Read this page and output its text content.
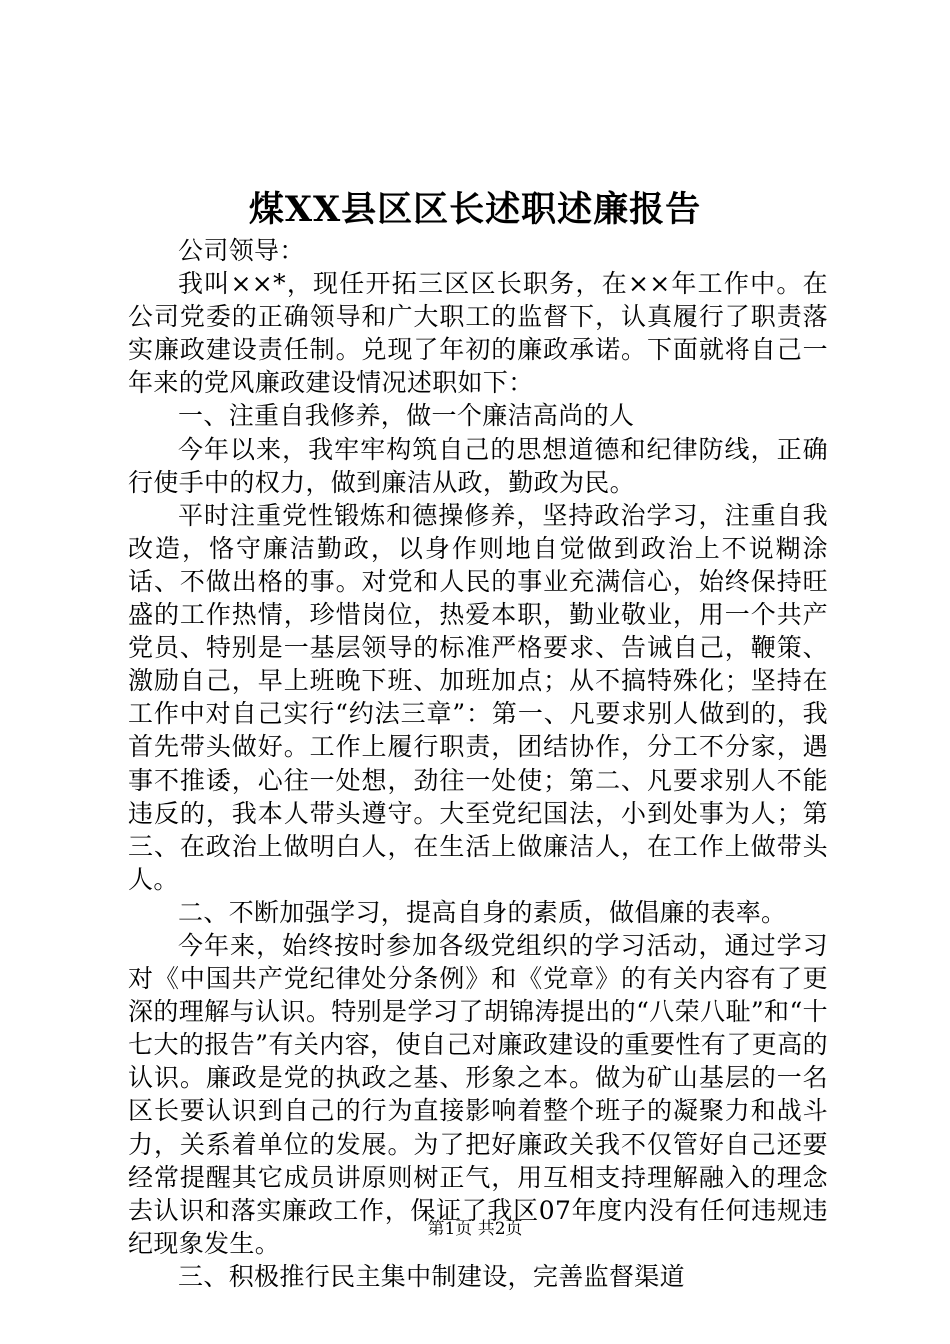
煤XX县区区长述职述廉报告

公司领导：

我叫××*，现任开拓三区区长职务，在××年工作中。在公司党委的正确领导和广大职工的监督下，认真履行了职责落实廉政建设责任制。兑现了年初的廉政承诺。下面就将自己一年来的党风廉政建设情况述职如下：

一、注重自我修养，做一个廉洁高尚的人

今年以来，我牢牢构筑自己的思想道德和纪律防线，正确行使手中的权力，做到廉洁从政，勤政为民。

平时注重党性锻炼和德操修养，坚持政治学习，注重自我改造，恪守廉洁勤政，以身作则地自觉做到政治上不说糊涂话、不做出格的事。对党和人民的事业充满信心，始终保持旺盛的工作热情，珍惜岗位，热爱本职，勤业敬业，用一个共产党员、特别是一基层领导的标准严格要求、告诫自己，鞭策、激励自己，早上班晚下班、加班加点；从不搞特殊化；坚持在工作中对自己实行“约法三章”：第一、凡要求别人做到的，我首先带头做好。工作上履行职责，团结协作，分工不分家，遇事不推诿，心往一处想，劲往一处使；第二、凡要求别人不能违反的，我本人带头遵守。大至党纪国法，小到处事为人；第三、在政治上做明白人，在生活上做廉洁人，在工作上做带头人。

二、不断加强学习，提高自身的素质，做倡廉的表率。

今年来，始终按时参加各级党组织的学习活动，通过学习对《中国共产党纪律处分条例》和《党章》的有关内容有了更深的理解与认识。特别是学习了胡锦涛提出的“八荣八耻”和“十七大的报告”有关内容，使自己对廉政建设的重要性有了更高的认识。廉政是党的执政之基、形象之本。做为矿山基层的一名区长要认识到自己的行为直接影响着整个班子的凝聚力和战斗力，关系着单位的发展。为了把好廉政关我不仅管好自己还要经常提醒其它成员讲原则树正气，用互相支持理解融入的理念去认识和落实廉政工作，保证了我区07年度内没有任何违规违纪现象发生。

三、积极推行民主集中制建设，完善监督渠道

第1页 共2页
